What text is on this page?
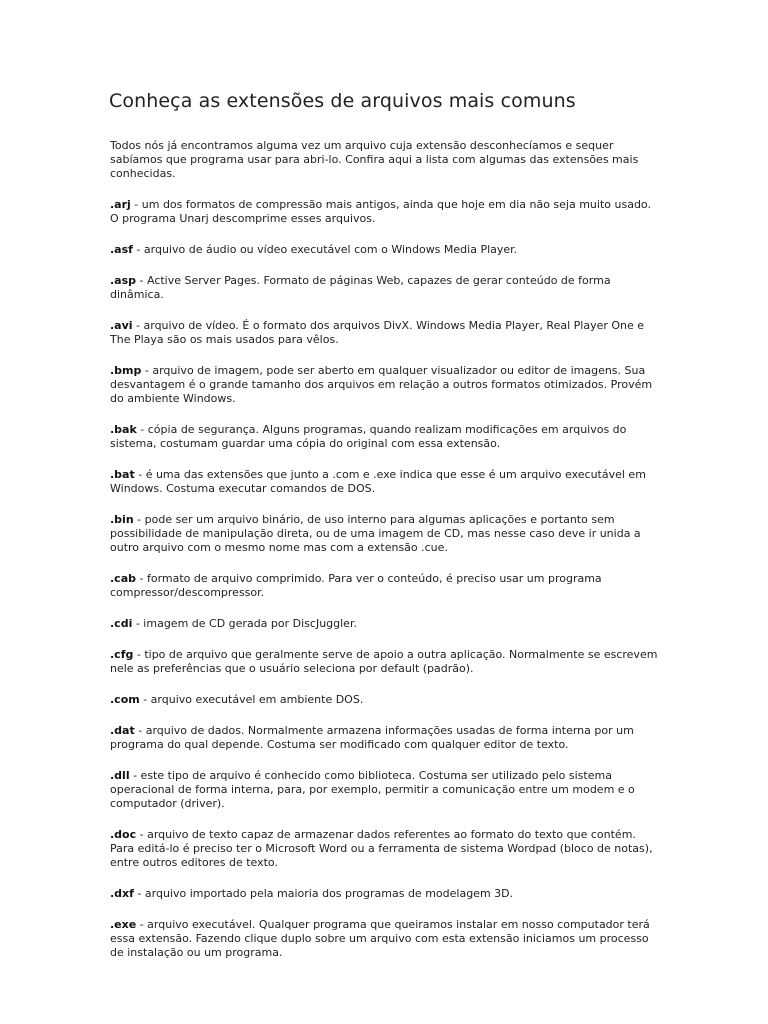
Conheça as extensões de arquivos mais comuns

Todos nós já encontramos alguma vez um arquivo cuja extensão desconhecíamos e sequer sabíamos que programa usar para abri-lo. Confira aqui a lista com algumas das extensões mais conhecidas.

.arj - um dos formatos de compressão mais antigos, ainda que hoje em dia não seja muito usado. O programa Unarj descomprime esses arquivos.

.asf - arquivo de áudio ou vídeo executável com o Windows Media Player.

.asp - Active Server Pages. Formato de páginas Web, capazes de gerar conteúdo de forma dinâmica.

.avi - arquivo de vídeo. É o formato dos arquivos DivX. Windows Media Player, Real Player One e The Playa são os mais usados para vêlos.

.bmp - arquivo de imagem, pode ser aberto em qualquer visualizador ou editor de imagens. Sua desvantagem é o grande tamanho dos arquivos em relação a outros formatos otimizados. Provém do ambiente Windows.

.bak - cópia de segurança. Alguns programas, quando realizam modificações em arquivos do sistema, costumam guardar uma cópia do original com essa extensão.

.bat - é uma das extensões que junto a .com e .exe indica que esse é um arquivo executável em Windows. Costuma executar comandos de DOS.

.bin - pode ser um arquivo binário, de uso interno para algumas aplicações e portanto sem possibilidade de manipulação direta, ou de uma imagem de CD, mas nesse caso deve ir unida a outro arquivo com o mesmo nome mas com a extensão .cue.

.cab - formato de arquivo comprimido. Para ver o conteúdo, é preciso usar um programa compressor/descompressor.

.cdi - imagem de CD gerada por DiscJuggler.

.cfg - tipo de arquivo que geralmente serve de apoio a outra aplicação. Normalmente se escrevem nele as preferências que o usuário seleciona por default (padrão).

.com - arquivo executável em ambiente DOS.

.dat - arquivo de dados. Normalmente armazena informações usadas de forma interna por um programa do qual depende. Costuma ser modificado com qualquer editor de texto.

.dll - este tipo de arquivo é conhecido como biblioteca. Costuma ser utilizado pelo sistema operacional de forma interna, para, por exemplo, permitir a comunicação entre um modem e o computador (driver).

.doc - arquivo de texto capaz de armazenar dados referentes ao formato do texto que contém. Para editá-lo é preciso ter o Microsoft Word ou a ferramenta de sistema Wordpad (bloco de notas), entre outros editores de texto.

.dxf - arquivo importado pela maioria dos programas de modelagem 3D.

.exe - arquivo executável. Qualquer programa que queiramos instalar em nosso computador terá essa extensão. Fazendo clique duplo sobre um arquivo com esta extensão iniciamos um processo de instalação ou um programa.
